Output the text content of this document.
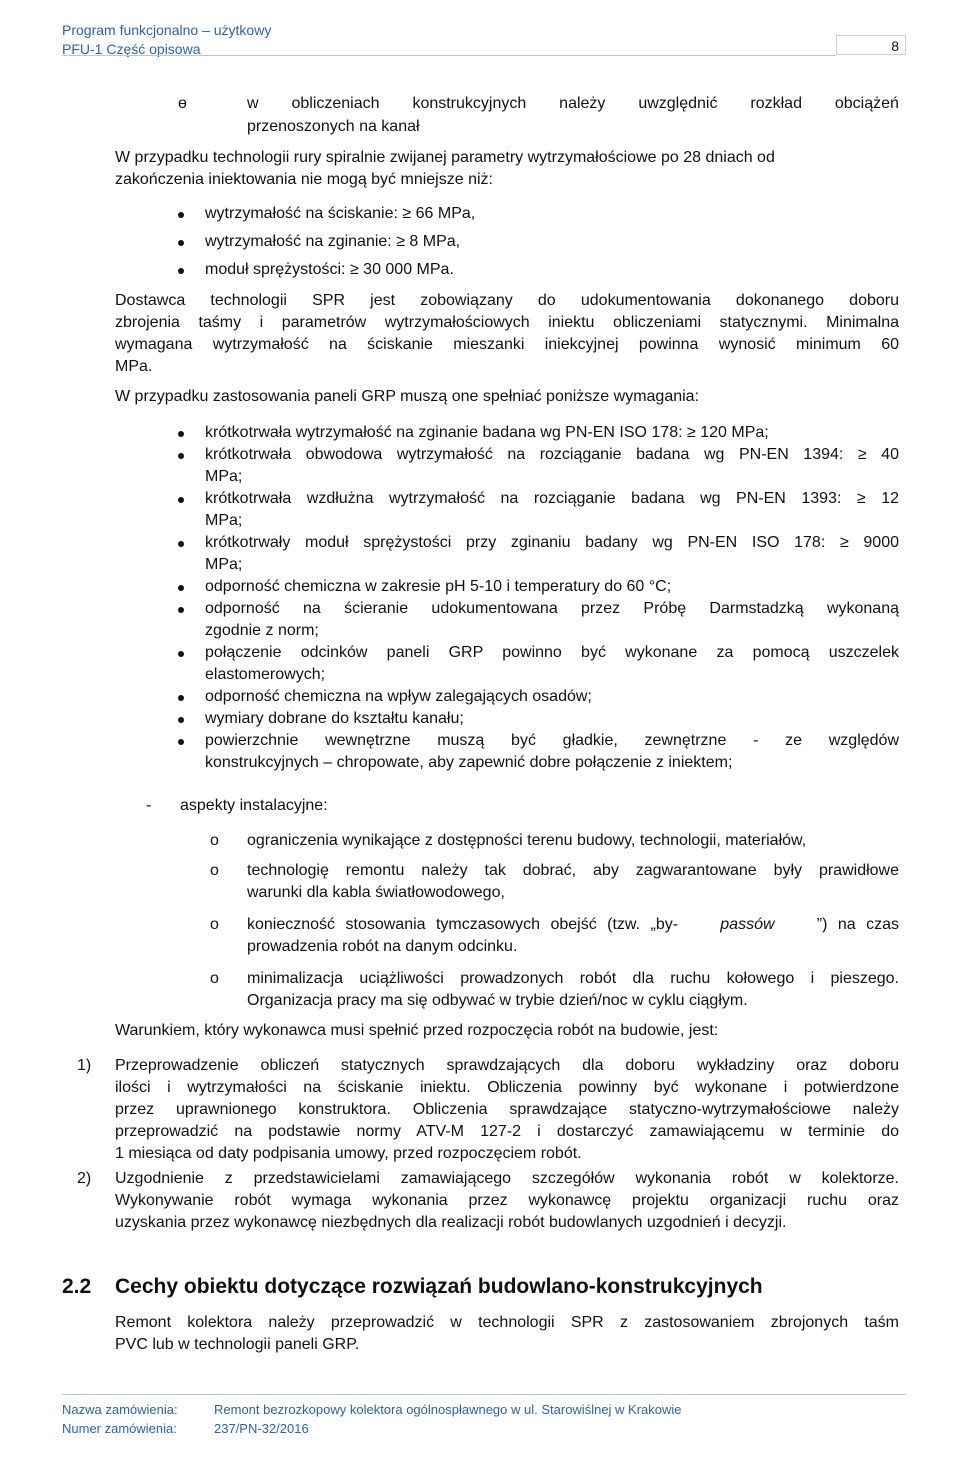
Program funkcjonalno – użytkowy
PFU-1 Część opisowa	8
ө	w obliczeniach konstrukcyjnych należy uwzględnić rozkład obciążeń
przenoszonych na kanał
W przypadku technologii rury spiralnie zwijanej parametry wytrzymałościowe po 28 dniach od
zakończenia iniektowania nie mogą być mniejsze niż:
wytrzymałość na ściskanie: ≥ 66 MPa,
wytrzymałość na zginanie: ≥ 8 MPa,
moduł sprężystości: ≥ 30 000 MPa.
Dostawca technologii SPR jest zobowiązany do udokumentowania dokonanego doboru
zbrojenia taśmy i parametrów wytrzymałościowych iniektu obliczeniami statycznymi. Minimalna
wymagana wytrzymałość na ściskanie mieszanki iniekcyjnej powinna wynosić minimum 60
MPa.
W przypadku zastosowania paneli GRP muszą one spełniać poniższe wymagania:
krótkotrwała wytrzymałość na zginanie badana wg PN-EN ISO 178: ≥ 120 MPa;
krótkotrwała obwodowa wytrzymałość na rozciąganie badana wg PN-EN 1394: ≥ 40
MPa;
krótkotrwała wzdłużna wytrzymałość na rozciąganie badana wg PN-EN 1393: ≥ 12
MPa;
krótkotrwały moduł sprężystości przy zginaniu badany wg PN-EN ISO 178: ≥ 9000
MPa;
odporność chemiczna w zakresie pH 5-10 i temperatury do 60 °C;
odporność na ścieranie udokumentowana przez Próbę Darmstadzką wykonaną
zgodnie z norm;
połączenie odcinków paneli GRP powinno być wykonane za pomocą uszczelek
elastomerowych;
odporność chemiczna na wpływ zalegających osadów;
wymiary dobrane do kształtu kanału;
powierzchnie wewnętrzne muszą być gładkie, zewnętrzne - ze względów
konstrukcyjnych – chropowate, aby zapewnić dobre połączenie z iniektem;
- aspekty instalacyjne:
o ograniczenia wynikające z dostępności terenu budowy, technologii, materiałów,
o technologię remontu należy tak dobrać, aby zagwarantowane były prawidłowe
warunki dla kabla światłowodowego,
o konieczność stosowania tymczasowych obejść (tzw. „by-	passów	”) na czas
prowadzenia robót na danym odcinku.
o minimalizacja uciążliwości prowadzonych robót dla ruchu kołowego i pieszego.
Organizacja pracy ma się odbywać w trybie dzień/noc w cyklu ciągłym.
Warunkiem, który wykonawca musi spełnić przed rozpoczęcia robót na budowie, jest:
1) Przeprowadzenie obliczeń statycznych sprawdzających dla doboru wykładziny oraz doboru
ilości i wytrzymałości na ściskanie iniektu. Obliczenia powinny być wykonane i potwierdzone
przez uprawnionego konstruktora. Obliczenia sprawdzające statyczno-wytrzymałościowe należy
przeprowadzić na podstawie normy ATV-M 127-2 i dostarczyć zamawiającemu w terminie do
1 miesiąca od daty podpisania umowy, przed rozpoczęciem robót.
2) Uzgodnienie z przedstawicielami zamawiającego szczegółów wykonania robót w kolektorze.
Wykonywanie robót wymaga wykonania przez wykonawcę projektu organizacji ruchu oraz
uzyskania przez wykonawcę niezbędnych dla realizacji robót budowlanych uzgodnień i decyzji.
2.2 Cechy obiektu dotyczące rozwiązań budowlano-konstrukcyjnych
Remont kolektora należy przeprowadzić w technologii SPR z zastosowaniem zbrojonych taśm
PVC lub w technologii paneli GRP.
Nazwa zamówienia:	Remont bezrozkopowy kolektora ogólnospławnego w ul. Starowiślnej w Krakowie
Numer zamówienia:	237/PN-32/2016
